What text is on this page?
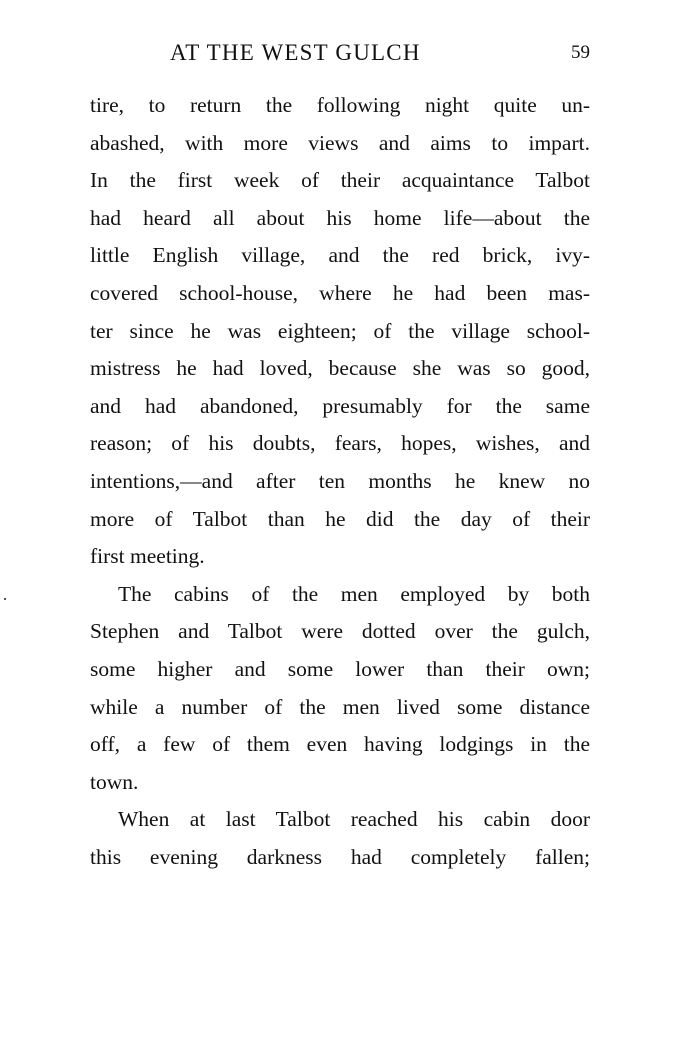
AT THE WEST GULCH	59
tire, to return the following night quite un-
abashed, with more views and aims to impart.
In the first week of their acquaintance Talbot
had heard all about his home life—about the
little English village, and the red brick, ivy-
covered school-house, where he had been mas-
ter since he was eighteen; of the village school-
mistress he had loved, because she was so good,
and had abandoned, presumably for the same
reason; of his doubts, fears, hopes, wishes, and
intentions,—and after ten months he knew no
more of Talbot than he did the day of their
first meeting.
The cabins of the men employed by both
Stephen and Talbot were dotted over the gulch,
some higher and some lower than their own;
while a number of the men lived some distance
off, a few of them even having lodgings in the
town.
When at last Talbot reached his cabin door
this evening darkness had completely fallen;
